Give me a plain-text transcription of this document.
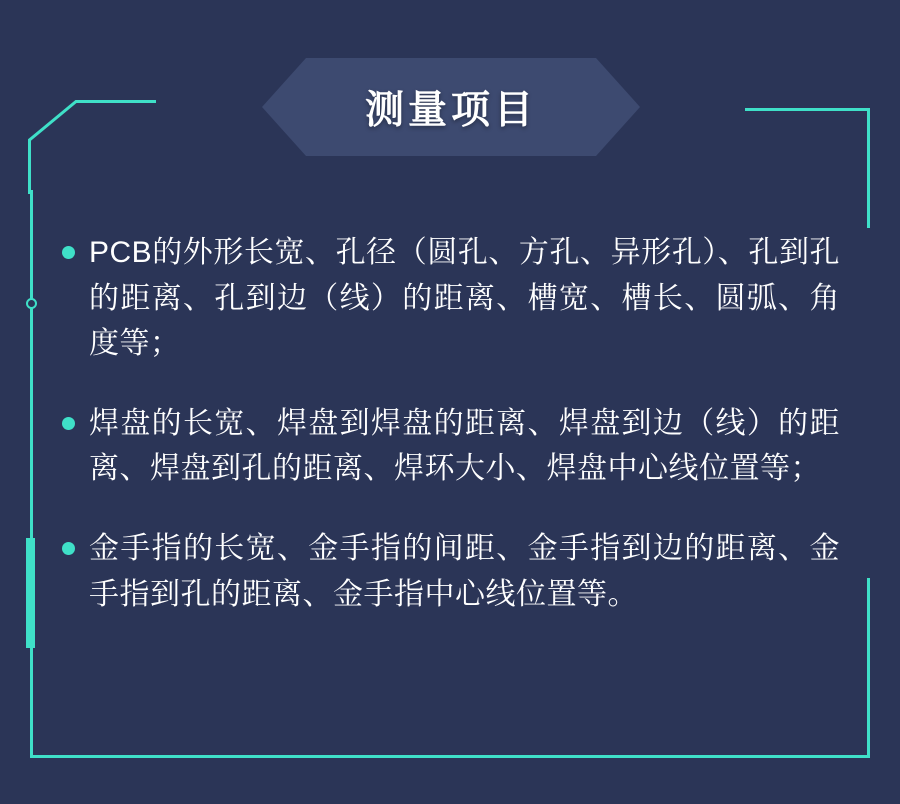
测量项目
PCB的外形长宽、孔径（圆孔、方孔、异形孔）、孔到孔的距离、孔到边（线）的距离、槽宽、槽长、圆弧、角度等；
焊盘的长宽、焊盘到焊盘的距离、焊盘到边（线）的距离、焊盘到孔的距离、焊环大小、焊盘中心线位置等；
金手指的长宽、金手指的间距、金手指到边的距离、金手指到孔的距离、金手指中心线位置等。
